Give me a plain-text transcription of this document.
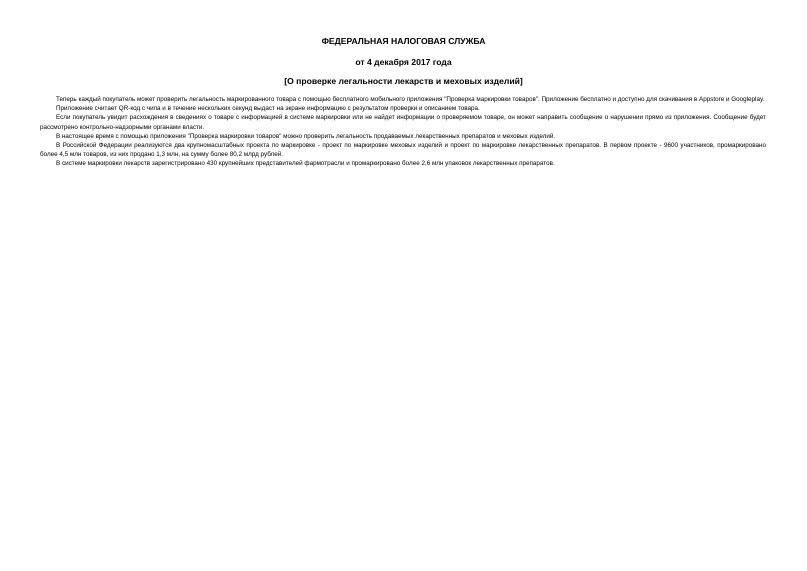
ФЕДЕРАЛЬНАЯ НАЛОГОВАЯ СЛУЖБА
от 4 декабря 2017 года
[О проверке легальности лекарств и меховых изделий]

Теперь каждый покупатель может проверить легальность маркированного товара с помощью бесплатного мобильного приложения "Проверка маркировки товаров". Приложение бесплатно и доступно для скачивания в Appstore и Googleplay.

Приложение считает QR-код с чипа и в течение нескольких секунд выдаст на экране информацию с результатом проверки и описанием товара.

Если покупатель увидит расхождения в сведениях о товаре с информацией в системе маркировки или не найдет информации о проверяемом товаре, он может направить сообщение о нарушении прямо из приложения. Сообщение будет рассмотрено контрольно-надзорными органами власти.

В настоящее время с помощью приложения "Проверка маркировки товаров" можно проверить легальность продаваемых лекарственных препаратов и меховых изделий.

В Российской Федерации реализуются два крупномасштабных проекта по маркировке - проект по маркировке меховых изделий и проект по маркировке лекарственных препаратов. В первом проекте - 9600 участников, промаркировано более 4,5 млн товаров, из них продано 1,3 млн, на сумму более 80,2 млрд рублей.

В системе маркировки лекарств зарегистрировано 430 крупнейших представителей фармотрасли и промаркировано более 2,6 млн упаковок лекарственных препаратов.
